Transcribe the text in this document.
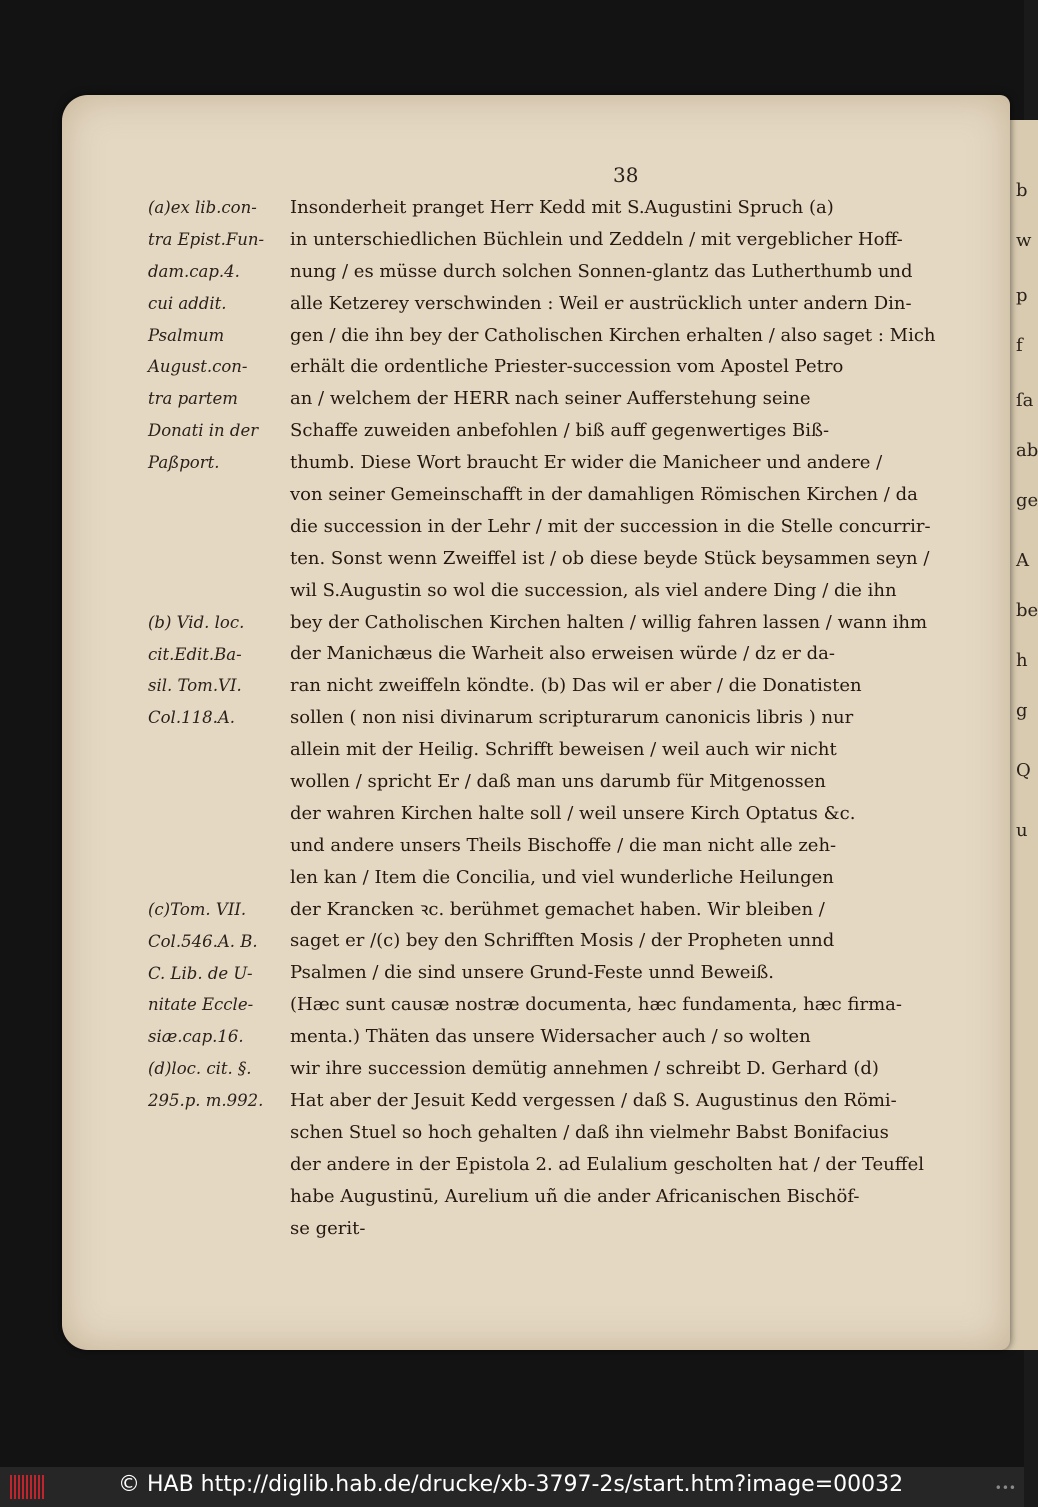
b
w
p
f
ſa
ab
ge
A
be
h
g
Q
u
38
(a)ex lib.con-
tra Epist.Fun-
dam.cap.4.
cui addit.
Psalmum
August.con-
tra partem
Donati in der
Paßport.
(b) Vid. loc.
cit.Edit.Ba-
sil. Tom.VI.
Col.118.A.
(c)Tom. VII.
Col.546.A. B.
C. Lib. de U-
nitate Eccle-
siæ.cap.16.
(d)loc. cit. §.
295.p. m.992.
Insonderheit pranget Herr Kedd mit S.Augustini Spruch (a)
in unterschiedlichen Büchlein und Zeddeln / mit vergeblicher Hoff-
nung / es müsse durch solchen Sonnen-glantz das Lutherthumb und
alle Ketzerey verschwinden : Weil er austrücklich unter andern Din-
gen / die ihn bey der Catholischen Kirchen erhalten / also saget : Mich
erhält die ordentliche Priester-succession vom Apostel Petro
an / welchem der HERR nach seiner Aufferstehung seine
Schaffe zuweiden anbefohlen / biß auff gegenwertiges Biß-
thumb. Diese Wort braucht Er wider die Manicheer und andere /
von seiner Gemeinschafft in der damahligen Römischen Kirchen / da
die succession in der Lehr / mit der succession in die Stelle concurrir-
ten. Sonst wenn Zweiffel ist / ob diese beyde Stück beysammen seyn /
wil S.Augustin so wol die succession, als viel andere Ding / die ihn
bey der Catholischen Kirchen halten / willig fahren lassen / wann ihm
der Manichæus die Warheit also erweisen würde / dz er da-
ran nicht zweiffeln köndte. (b) Das wil er aber / die Donatisten
sollen ( non nisi divinarum scripturarum canonicis libris ) nur
allein mit der Heilig. Schrifft beweisen / weil auch wir nicht
wollen / spricht Er / daß man uns darumb für Mitgenossen
der wahren Kirchen halte soll / weil unsere Kirch Optatus &c.
und andere unsers Theils Bischoffe / die man nicht alle zeh-
len kan / Item die Concilia, und viel wunderliche Heilungen
der Krancken ꝛc. berühmet gemachet haben. Wir bleiben /
saget er /(c) bey den Schrifften Mosis / der Propheten unnd
Psalmen / die sind unsere Grund-Feste unnd Beweiß.
(Hæc sunt causæ nostræ documenta, hæc fundamenta, hæc firma-
menta.) Thäten das unsere Widersacher auch / so wolten
wir ihre succession demütig annehmen / schreibt D. Gerhard (d)
Hat aber der Jesuit Kedd vergessen / daß S. Augustinus den Römi-
schen Stuel so hoch gehalten / daß ihn vielmehr Babst Bonifacius
der andere in der Epistola 2. ad Eulalium gescholten hat / der Teuffel
habe Augustinū, Aurelium uñ die ander Africanischen Bischöf-
se gerit-
© HAB http://diglib.hab.de/drucke/xb-3797-2s/start.htm?image=00032	•••
